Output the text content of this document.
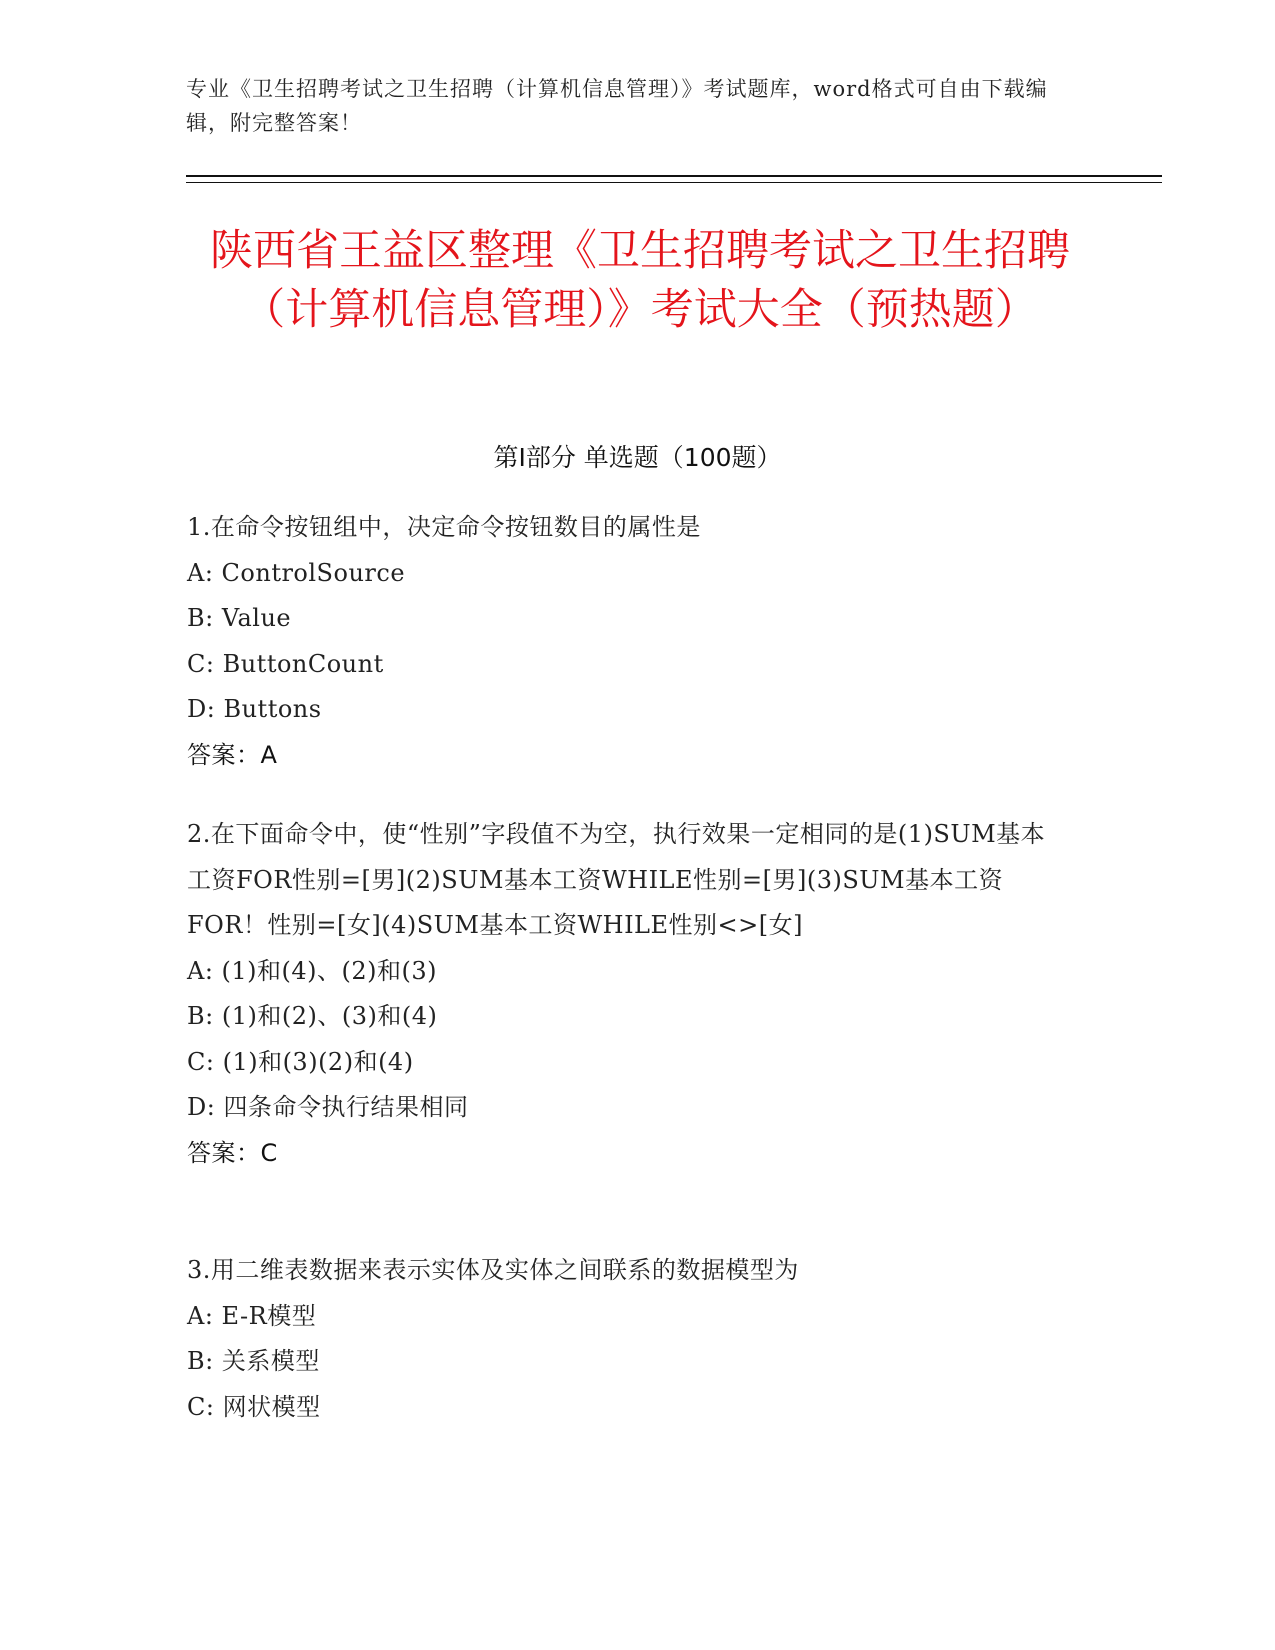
专业《卫生招聘考试之卫生招聘（计算机信息管理）》考试题库，word格式可自由下载编辑，附完整答案！
陕西省王益区整理《卫生招聘考试之卫生招聘（计算机信息管理）》考试大全（预热题）
第I部分 单选题（100题）
1.在命令按钮组中，决定命令按钮数目的属性是
A: ControlSource
B: Value
C: ButtonCount
D: Buttons
答案：A
2.在下面命令中，使“性别”字段值不为空，执行效果一定相同的是(1)SUM基本工资FOR性别=[男](2)SUM基本工资WHILE性别=[男](3)SUM基本工资FOR！性别=[女](4)SUM基本工资WHILE性别<>[女]
A: (1)和(4)、(2)和(3)
B: (1)和(2)、(3)和(4)
C: (1)和(3)(2)和(4)
D: 四条命令执行结果相同
答案：C
3.用二维表数据来表示实体及实体之间联系的数据模型为
A: E-R模型
B: 关系模型
C: 网状模型
